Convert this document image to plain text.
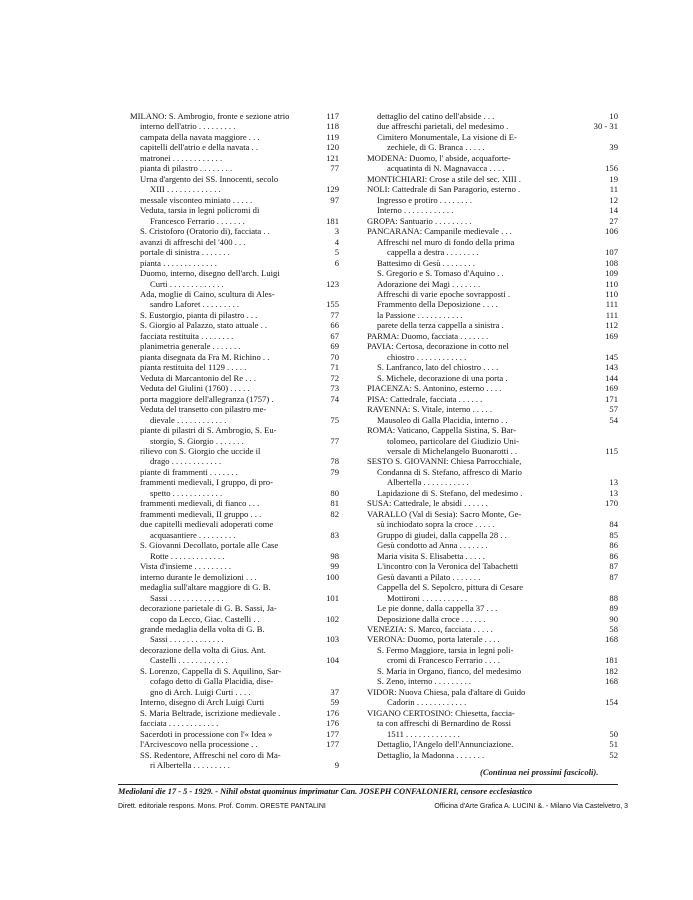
MILANO: S. Ambrogio, fronte e sezione atrio	117
interno dell'atrio . . . . . . . . .	118
campata della navata maggiore . . .	119
capitelli dell'atrio e della navata . .	120
matronei . . . . . . . . . . . .	121
pianta di pilastro . . . . . . . .	77
Urna d'argento dei SS. Innocenti, secolo
XIII . . . . . . . . . . . . .	129
messale visconteo miniato . . . . .	97
Veduta, tarsia in legni policromi di
Francesco Ferrario . . . . . . .	181
S. Cristoforo (Oratorio di), facciata . .	3
avanzi di affreschi del '400 . . .	4
portale di sinistra . . . . . . .	5
pianta . . . . . . . . . . . . .	6
Duomo, interno, disegno dell'arch. Luigi
Curti . . . . . . . . . . . . .	123
Ada, moglie di Caino, scultura di Ales-
sandro Laforet . . . . . . . . .	155
S. Eustorgio, pianta di pilastro . . .	77
S. Giorgio al Palazzo, stato attuale . .	66
facciata restituita . . . . . . . .	67
planimetria generale . . . . . . .	69
pianta disegnata da Fra M. Richino . .	70
pianta restituita del 1129 . . . . .	71
Veduta di Marcantonio del Re . . .	72
Veduta del Giulini (1760) . . . . .	73
porta maggiore dell'allegranza (1757) .	74
Veduta del transetto con pilastro me-
dievale . . . . . . . . . . . .	75
piante di pilastri di S. Ambrogio, S. Eu-
storgio, S. Giorgio . . . . . . .	77
rilievo con S. Giorgio che uccide il
drago . . . . . . . . . . . .	78
piante di frammenti . . . . . . .	79
frammenti medievali, I gruppo, di pro-
spetto . . . . . . . . . . . .	80
frammenti medievali, di fianco . . .	81
frammenti medievali, II gruppo . . .	82
due capitelli medievali adoperati come
acquasantiere . . . . . . . . .	83
S. Giovanni Decollato, portale alle Case
Rotte . . . . . . . . . . . . .	98
Vista d'insieme . . . . . . . . .	99
interno durante le demolizioni . . .	100
medaglia sull'altare maggiore di G. B.
Sassi . . . . . . . . . . . . .	101
decorazione parietale di G. B. Sassi, Ja-
copo da Lecco, Giac. Castelli . .	102
grande medaglia della volta di G. B.
Sassi . . . . . . . . . . . . .	103
decorazione della volta di Gius. Ant.
Castelli . . . . . . . . . . . .	104
S. Lorenzo, Cappella di S. Aquilino, Sar-
cofago detto di Galla Placidia, dise-
gno di Arch. Luigi Curti . . . .	37
Interno, disegno di Arch Luigi Curti	59
S. Maria Beltrade, iscrizione medievale .	176
facciata . . . . . . . . . . . .	176
Sacerdoti in processione con l'« Idea »	177
l'Arcivescovo nella processione . .	177
SS. Redentore, Affreschi nel coro di Ma-
ri Albertella . . . . . . . . .	9
dettaglio del catino dell'abside . . .	10
due affreschi parietali, del medesimo .	30 - 31
Cimitero Monumentale, La visione di E-
zechiele, di G. Branca . . . . .	39
MODENA: Duomo, l' abside, acquaforte-
acquatinta di N. Magnavacca . . . .	156
MONTICHIARI: Crose a stile del sec. XIII .	19
NOLI: Cattedrale di San Paragorio, esterno .	11
Ingresso e protiro . . . . . . . .	12
Interno . . . . . . . . . . . .	14
GROPA: Santuario . . . . . . . . .	27
PANCARANA: Campanile medievale . . .	106
Affreschi nel muro di fondo della prima
cappella a destra . . . . . . . .	107
Battesimo di Gesù . . . . . . . .	108
S. Gregorio e S. Tomaso d'Aquino . .	109
Adorazione dei Magi . . . . . . .	110
Affreschi di varie epoche sovrapposti .	110
Frammento della Deposizione . . . .	111
la Passione . . . . . . . . . . .	111
parete della terza cappella a sinistra .	112
PARMA: Duomo, facciata . . . . . . .	169
PAVIA: Certosa, decorazione in cotto nel
chiostro . . . . . . . . . . . .	145
S. Lanfranco, lato del chiostro . . . .	143
S. Michele, decorazione di una porta .	144
PIACENZA: S. Antonino, esterno . . . .	169
PISA: Cattedrale, facciata . . . . . .	171
RAVENNA: S. Vitale, interno . . . . .	57
Mausoleo di Galla Placidia, interno . .	54
ROMA: Vaticano, Cappella Sistina, S. Bar-
tolomeo, particolare del Giudizio Uni-
versale di Michelangelo Buonarotti . .	115
SESTO S. GIOVANNI: Chiesa Parrocchiale,
Condanna di S. Stefano, affresco di Mario
Albertella . . . . . . . . . . .	13
Lapidazione di S. Stefano, del medesimo .	13
SUSA: Cattedrale, le absidi . . . . . .	170
VARALLO (Val di Sesia): Sacro Monte, Ge-
sù inchiodato sopra la croce . . . . .	84
Gruppo di giudei, dalla cappella 28 . .	85
Gesù condotto ad Anna . . . . . . .	86
Maria visita S. Elisabetta . . . . .	86
L'incontro con la Veronica del Tabachetti	87
Gesù davanti a Pilato . . . . . . .	87
Cappella del S. Sepolcro, pittura di Cesare
Mottironi . . . . . . . . . . .	88
Le pie donne, dalla cappella 37 . . .	89
Deposizione dalla croce . . . . . .	90
VENEZIA: S. Marco, facciata . . . . .	58
VERONA: Duomo, porta laterale . . . .	168
S. Fermo Maggiore, tarsia in legni poli-
cromi di Francesco Ferrario . . . .	181
S. Maria in Organo, fianco, del medesimo	182
S. Zeno, interno . . . . . . . . .	168
VIDOR: Nuova Chiesa, pala d'altare di Guido
Cadorin . . . . . . . . . . . .	154
VIGANO CERTOSINO: Chiesetta, faccia-
ta con affreschi di Bernardino de Rossi
1511 . . . . . . . . . . . . .	50
Dettaglio, l'Angelo dell'Annunciazione.	51
Dettaglio, la Madonna . . . . . . .	52
(Continua nei prossimi fascicoli).
Mediolani die 17 - 5 - 1929. - Nihil obstat quominus imprimatur Can. JOSEPH CONFALONIERI, censore ecclesiastico
Dirett. editoriale respons. Mons. Prof. Comm. ORESTE PANTALINI	Officina d'Arte Grafica A. LUCINI &. - Milano Via Castelvetro, 3
